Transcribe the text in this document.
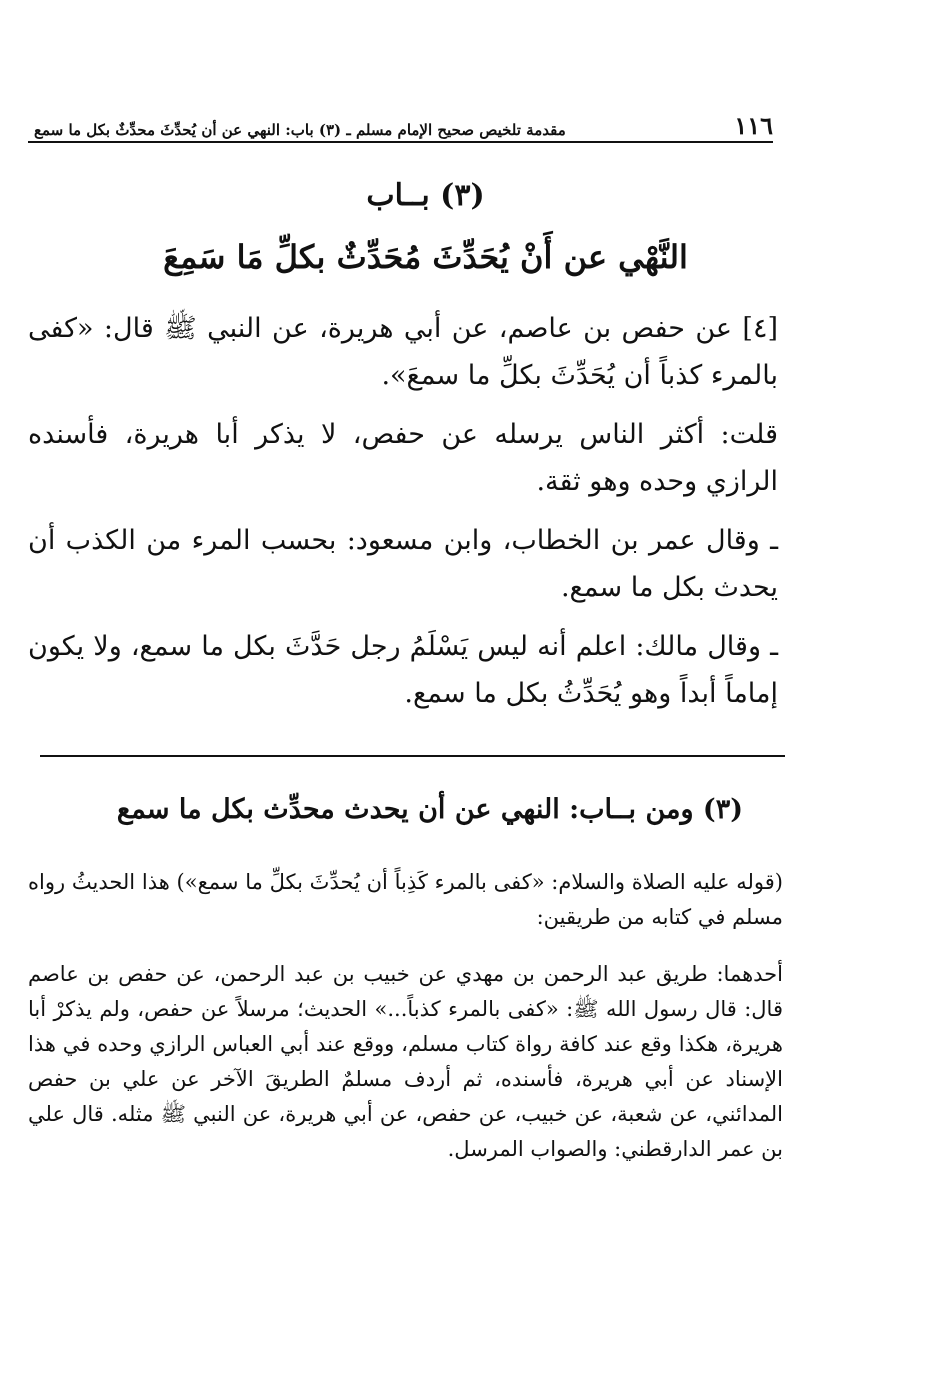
١١٦
مقدمة تلخيص صحيح الإمام مسلم ـ (٣) باب: النهي عن أن يُحدِّثَ محدِّثٌ بكل ما سمع
(٣) بــاب
النَّهْي عن أَنْ يُحَدِّثَ مُحَدِّثٌ بكلِّ مَا سَمِعَ

[٤] عن حفص بن عاصم، عن أبي هريرة، عن النبي ﷺ قال: «كفى بالمرء كذباً أن يُحَدِّثَ بكلِّ ما سمعَ».

قلت: أكثر الناس يرسله عن حفص، لا يذكر أبا هريرة، فأسنده الرازي وحده وهو ثقة.

ـ وقال عمر بن الخطاب، وابن مسعود: بحسب المرء من الكذب أن يحدث بكل ما سمع.

ـ وقال مالك: اعلم أنه ليس يَسْلَمُ رجل حَدَّثَ بكل ما سمع، ولا يكون إماماً أبداً وهو يُحَدِّثُ بكل ما سمع.

(٣) ومن بــاب: النهي عن أن يحدث محدِّث بكل ما سمع

(قوله عليه الصلاة والسلام: «كفى بالمرء كَذِباً أن يُحدِّثَ بكلِّ ما سمع») هذا الحديثُ رواه مسلم في كتابه من طريقين:

أحدهما: طريق عبد الرحمن بن مهدي عن خبيب بن عبد الرحمن، عن حفص بن عاصم قال: قال رسول الله ﷺ: «كفى بالمرء كذباً...» الحديث؛ مرسلاً عن حفص، ولم يذكرْ أبا هريرة، هكذا وقع عند كافة رواة كتاب مسلم، ووقع عند أبي العباس الرازي وحده في هذا الإسناد عن أبي هريرة، فأسنده، ثم أردف مسلمٌ الطريقَ الآخر عن علي بن حفص المدائني، عن شعبة، عن خبيب، عن حفص، عن أبي هريرة، عن النبي ﷺ مثله. قال علي بن عمر الدارقطني: والصواب المرسل.
